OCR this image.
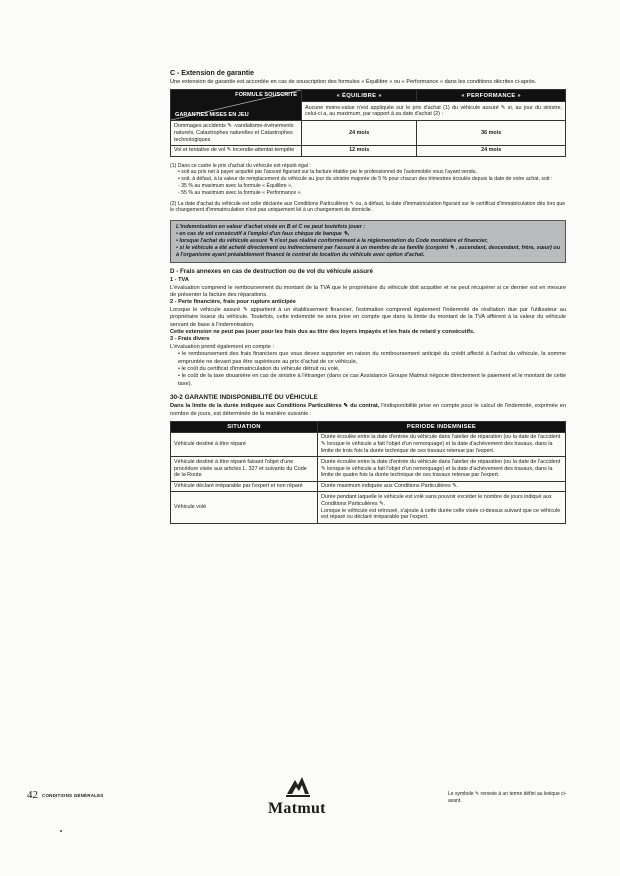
C - Extension de garantie

Une extension de garantie est accordée en cas de souscription des formules « Équilibre » ou « Performance » dans les conditions décrites ci-après.

FORMULE SOUSCRITE
GARANTIES MISES EN JEU	« ÉQUILIBRE »	« PERFORMANCE »
	Aucune moins-value n'est appliquée sur le prix d'achat (1) du véhicule assuré ✎ si, au jour du sinistre, celui-ci a, au maximum, par rapport à sa date d'achat (2) :	
Dommages accidents ✎ -vandalisme-événements naturels, Catastrophes naturelles et Catastrophes technologiques	24 mois	36 mois
Vol et tentative de vol ✎ Incendie-attentat-tempête	12 mois	24 mois

(1) Dans ce cadre le prix d'achat du véhicule est réputé égal :

• soit au prix net à payer acquitté par l'assuré figurant sur la facture établie par le professionnel de l'automobile vous l'ayant vendu,

• soit, à défaut, à la valeur de remplacement du véhicule au jour du sinistre majorée de 5 % pour chacun des trimestres écoulés depuis la date de votre achat, soit :

- 35 % au maximum avec la formule « Équilibre »,

- 55 % au maximum avec la formule « Performance ».

(2) La date d'achat du véhicule est celle déclarée aux Conditions Particulières ✎ ou, à défaut, la date d'immatriculation figurant sur le certificat d'immatriculation dès lors que le changement d'immatriculation n'est pas uniquement lié à un changement de domicile.

L'indemnisation en valeur d'achat visée en B et C ne peut toutefois jouer :

• en cas de vol consécutif à l'emploi d'un faux chèque de banque ✎,

• lorsque l'achat du véhicule assuré ✎ n'est pas réalisé conformément à la réglementation du Code monétaire et financier,

• si le véhicule a été acheté directement ou indirectement par l'assuré à un membre de sa famille (conjoint ✎ , ascendant, descendant, frère, sœur) ou à l'organisme ayant préalablement financé le contrat de location du véhicule avec option d'achat.

D - Frais annexes en cas de destruction ou de vol du véhicule assuré

1 - TVA

L'évaluation comprend le remboursement du montant de la TVA que le propriétaire du véhicule doit acquitter et ne peut récupérer si ce dernier est en mesure de présenter la facture des réparations.

2 - Perte financière, frais pour rupture anticipée

Lorsque le véhicule assuré ✎ appartient à un établissement financier, l'estimation comprend également l'indemnité de résiliation due par l'utilisateur au propriétaire loueur du véhicule. Toutefois, cette indemnité ne sera prise en compte que dans la limite du montant de la TVA afférent à la valeur du véhicule servant de base à l'indemnisation.

Cette extension ne peut pas jouer pour les frais dus au titre des loyers impayés et les frais de retard y consécutifs.

3 - Frais divers

L'évaluation prend également en compte :

• le remboursement des frais financiers que vous devez supporter en raison du remboursement anticipé du crédit affecté à l'achat du véhicule, la somme empruntée ne devant pas être supérieure au prix d'achat de ce véhicule,

• le coût du certificat d'immatriculation du véhicule détruit ou volé,

• le coût de la taxe douanière en cas de sinistre à l'étranger (dans ce cas Assistance Groupe Matmut négocie directement le paiement et le montant de cette taxe).

30-2 GARANTIE INDISPONIBILITÉ DU VÉHICULE

Dans la limite de la durée indiquée aux Conditions Particulières ✎ du contrat, l'indisponibilité prise en compte pour le calcul de l'indemnité, exprimée en nombre de jours, est déterminée de la manière suivante :

SITUATION	PERIODE INDEMNISEE
Véhicule destiné à être réparé	Durée écoulée entre la date d'entrée du véhicule dans l'atelier de réparation (ou la date de l'accident ✎ lorsque le véhicule a fait l'objet d'un remorquage) et la date d'achèvement des travaux, dans la limite de trois fois la durée technique de ces travaux retenue par l'expert.
Véhicule destiné à être réparé faisant l'objet d'une procédure visée aux articles L. 327 et suivants du Code de la Route	Durée écoulée entre la date d'entrée du véhicule dans l'atelier de réparation (ou la date de l'accident ✎ lorsque le véhicule a fait l'objet d'un remorquage) et la date d'achèvement des travaux, dans la limite de quatre fois la durée technique de ces travaux retenue par l'expert.
Véhicule déclaré irréparable par l'expert et non réparé	Durée maximum indiquée aux Conditions Particulières ✎.
Véhicule volé	Durée pendant laquelle le véhicule est volé sans pouvoir excéder le nombre de jours indiqué aux Conditions Particulières ✎.
Lorsque le véhicule est retrouvé, s'ajoute à cette durée celle visée ci-dessus suivant que ce véhicule est réparé ou déclaré irréparable par l'expert.
42 CONDITIONS GÉNÉRALES
Matmut
Le symbole ✎ renvoie à un terme défini au lexique ci-avant.
